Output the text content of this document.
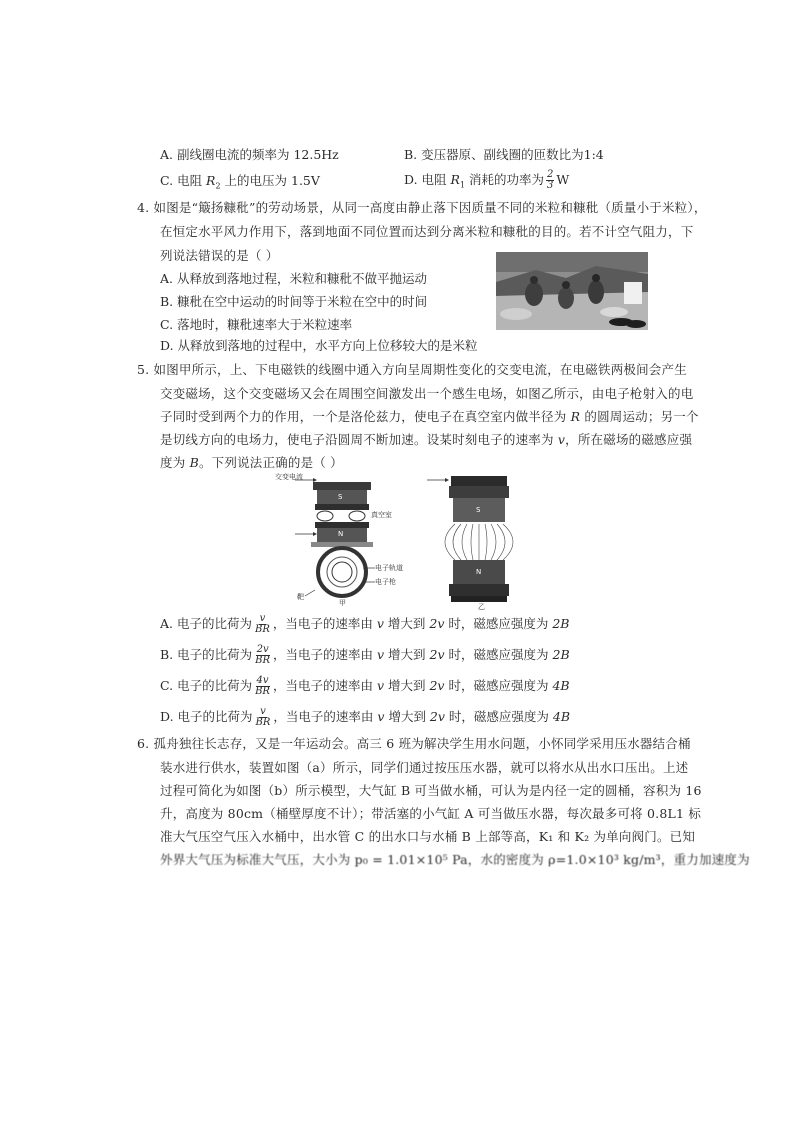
A. 副线圈电流的频率为 12.5Hz	B. 变压器原、副线圈的匝数比为1:4
C. 电阻 $R_2$ 上的电压为 1.5V	D. 电阻 $R_1$ 消耗的功率为 $\frac{2}{3}$ W
4. 如图是“簸扬糠秕”的劳动场景，从同一高度由静止落下因质量不同的米粒和糠秕（质量小于米粒），
在恒定水平风力作用下，落到地面不同位置而达到分离米粒和糠秕的目的。若不计空气阻力，下
列说法错误的是（ ）
A. 从释放到落地过程，米粒和糠秕不做平抛运动
B. 糠秕在空中运动的时间等于米粒在空中的时间
C. 落地时，糠秕速率大于米粒速率
D. 从释放到落地的过程中，水平方向上位移较大的是米粒
5. 如图甲所示，上、下电磁铁的线圈中通入方向呈周期性变化的交变电流，在电磁铁两极间会产生
交变磁场，这个交变磁场又会在周围空间激发出一个感生电场，如图乙所示，由电子枪射入的电
子同时受到两个力的作用，一个是洛伦兹力，使电子在真空室内做半径为 R 的圆周运动；另一个
是切线方向的电场力，使电子沿圆周不断加速。设某时刻电子的速率为 v，所在磁场的磁感应强
度为 B。下列说法正确的是（ ）
交变电流
S
N
真空室
电子轨道
电子枪
靶
甲
S
N
乙
A. 电子的比荷为 $\frac{v}{BR}$ ，当电子的速率由 v 增大到 2v 时，磁感应强度为 2B
B. 电子的比荷为 $\frac{2v}{BR}$ ，当电子的速率由 v 增大到 2v 时，磁感应强度为 2B
C. 电子的比荷为 $\frac{4v}{BR}$ ，当电子的速率由 v 增大到 2v 时，磁感应强度为 4B
D. 电子的比荷为 $\frac{v}{BR}$ ，当电子的速率由 v 增大到 2v 时，磁感应强度为 4B
6. 孤舟独往长志存，又是一年运动会。高三 6 班为解决学生用水问题，小怀同学采用压水器结合桶
装水进行供水，装置如图（a）所示，同学们通过按压压水器，就可以将水从出水口压出。上述
过程可简化为如图（b）所示模型，大气缸 B 可当做水桶，可认为是内径一定的圆桶，容积为 16
升，高度为 80cm（桶壁厚度不计）；带活塞的小气缸 A 可当做压水器，每次最多可将 0.8L1 标
准大气压空气压入水桶中，出水管 C 的出水口与水桶 B 上部等高，K₁ 和 K₂ 为单向阀门。已知
外界大气压为标准大气压，大小为 p₀ = 1.01×10⁵ Pa，水的密度为 ρ=1.0×10³ kg/m³，重力加速度为
